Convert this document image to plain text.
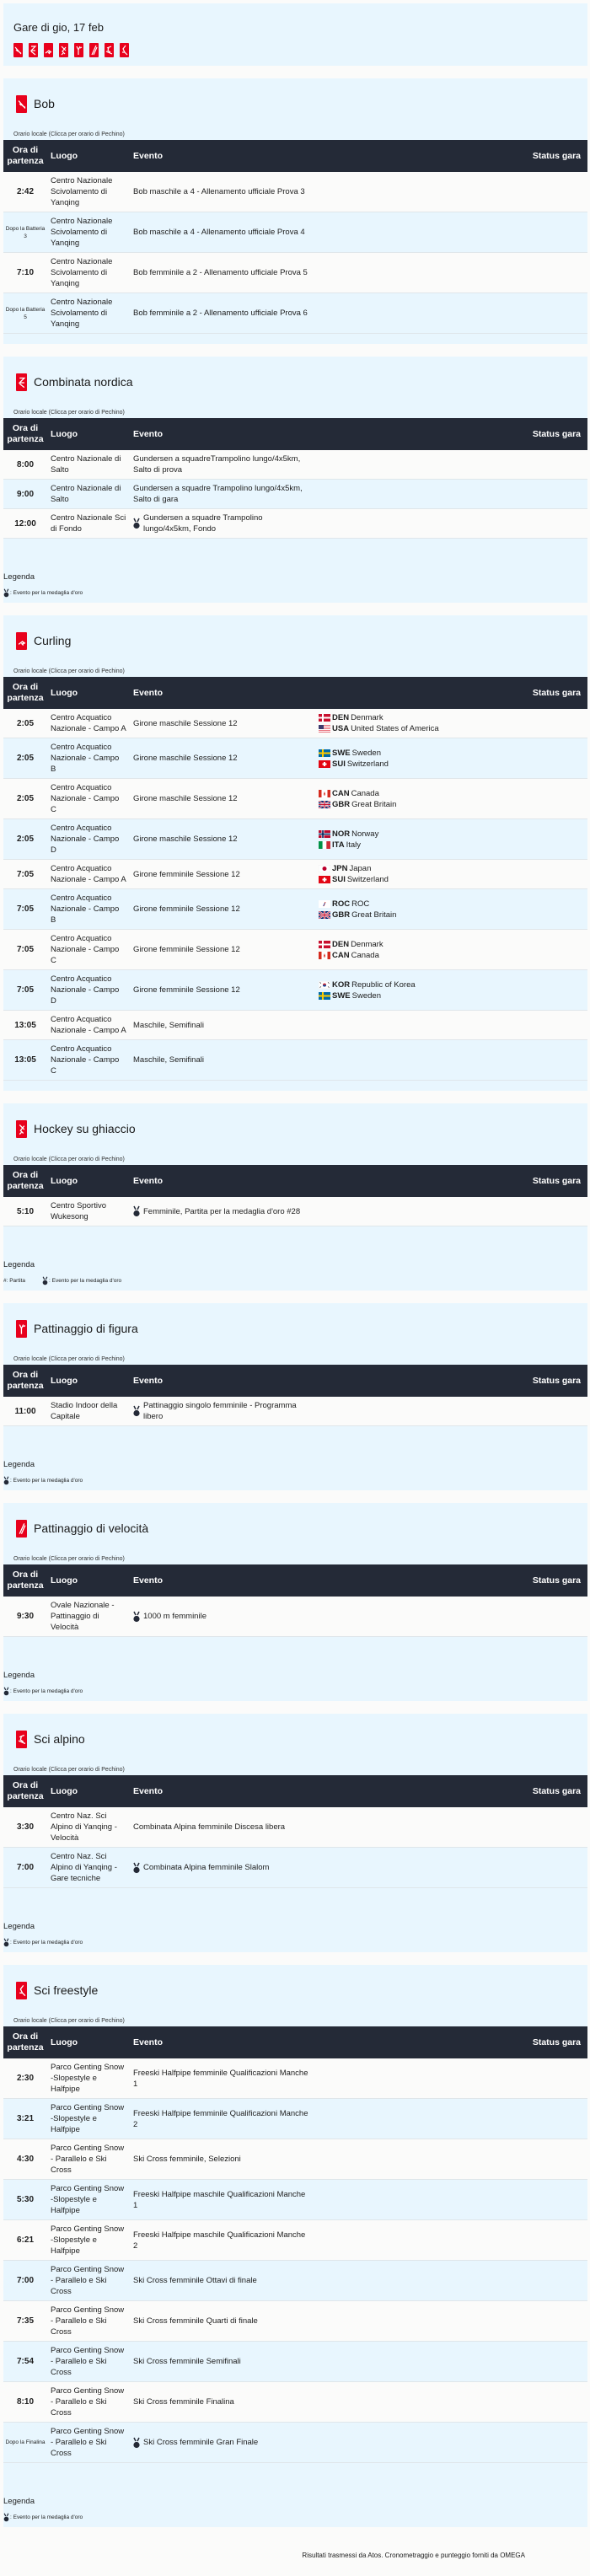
Gare di gio, 17 feb
Bob
Orario locale (Clicca per orario di Pechino)
Ora di partenza	Luogo	Evento	Status gara
2:42	Centro Nazionale Scivolamento di Yanqing	Bob maschile a 4 - Allenamento ufficiale Prova 3	

Dopo la Batteria 3	Centro Nazionale Scivolamento di Yanqing	Bob maschile a 4 - Allenamento ufficiale Prova 4	

7:10	Centro Nazionale Scivolamento di Yanqing	Bob femminile a 2 - Allenamento ufficiale Prova 5	

Dopo la Batteria 5	Centro Nazionale Scivolamento di Yanqing	Bob femminile a 2 - Allenamento ufficiale Prova 6	

Combinata nordica
Orario locale (Clicca per orario di Pechino)
Ora di partenza	Luogo	Evento	Status gara
8:00	Centro Nazionale di Salto	Gundersen a squadreTrampolino lungo/4x5km, Salto di prova	

9:00	Centro Nazionale di Salto	Gundersen a squadre Trampolino lungo/4x5km, Salto di gara	

12:00	Centro Nazionale Sci di Fondo	Gundersen a squadre Trampolino lungo/4x5km, Fondo	

Legenda
: Evento per la medaglia d'oro
Curling
Orario locale (Clicca per orario di Pechino)
Ora di partenza	Luogo	Evento		Status gara
2:05	Centro Acquatico Nazionale - Campo A	Girone maschile Sessione 12	DEN Denmark
USA United States of America	

2:05	Centro Acquatico Nazionale - Campo B	Girone maschile Sessione 12	SWE Sweden
SUI Switzerland	

2:05	Centro Acquatico Nazionale - Campo C	Girone maschile Sessione 12	CAN Canada
GBR Great Britain	

2:05	Centro Acquatico Nazionale - Campo D	Girone maschile Sessione 12	NOR Norway
ITA Italy	

7:05	Centro Acquatico Nazionale - Campo A	Girone femminile Sessione 12	JPN Japan
SUI Switzerland	

7:05	Centro Acquatico Nazionale - Campo B	Girone femminile Sessione 12	ROC ROC
GBR Great Britain	

7:05	Centro Acquatico Nazionale - Campo C	Girone femminile Sessione 12	DEN Denmark
CAN Canada	

7:05	Centro Acquatico Nazionale - Campo D	Girone femminile Sessione 12	KOR Republic of Korea
SWE Sweden	

13:05	Centro Acquatico Nazionale - Campo A	Maschile, Semifinali		

13:05	Centro Acquatico Nazionale - Campo C	Maschile, Semifinali		

Hockey su ghiaccio
Orario locale (Clicca per orario di Pechino)
Ora di partenza	Luogo	Evento	Status gara
5:10	Centro Sportivo Wukesong	Femminile, Partita per la medaglia d'oro #28	

Legenda
#: Partita	: Evento per la medaglia d'oro
Pattinaggio di figura
Orario locale (Clicca per orario di Pechino)
Ora di partenza	Luogo	Evento	Status gara
11:00	Stadio Indoor della Capitale	Pattinaggio singolo femminile - Programma libero	

Legenda
: Evento per la medaglia d'oro
Pattinaggio di velocità
Orario locale (Clicca per orario di Pechino)
Ora di partenza	Luogo	Evento	Status gara
9:30	Ovale Nazionale - Pattinaggio di Velocità	1000 m femminile	

Legenda
: Evento per la medaglia d'oro
Sci alpino
Orario locale (Clicca per orario di Pechino)
Ora di partenza	Luogo	Evento	Status gara
3:30	Centro Naz. Sci Alpino di Yanqing - Velocità	Combinata Alpina femminile Discesa libera	

7:00	Centro Naz. Sci Alpino di Yanqing - Gare tecniche	Combinata Alpina femminile Slalom	

Legenda
: Evento per la medaglia d'oro
Sci freestyle
Orario locale (Clicca per orario di Pechino)
Ora di partenza	Luogo	Evento	Status gara
2:30	Parco Genting Snow -Slopestyle e Halfpipe	Freeski Halfpipe femminile Qualificazioni Manche 1	

3:21	Parco Genting Snow -Slopestyle e Halfpipe	Freeski Halfpipe femminile Qualificazioni Manche 2	

4:30	Parco Genting Snow - Parallelo e Ski Cross	Ski Cross femminile, Selezioni	

5:30	Parco Genting Snow -Slopestyle e Halfpipe	Freeski Halfpipe maschile Qualificazioni Manche 1	

6:21	Parco Genting Snow -Slopestyle e Halfpipe	Freeski Halfpipe maschile Qualificazioni Manche 2	

7:00	Parco Genting Snow - Parallelo e Ski Cross	Ski Cross femminile Ottavi di finale	

7:35	Parco Genting Snow - Parallelo e Ski Cross	Ski Cross femminile Quarti di finale	

7:54	Parco Genting Snow - Parallelo e Ski Cross	Ski Cross femminile Semifinali	

8:10	Parco Genting Snow - Parallelo e Ski Cross	Ski Cross femminile Finalina	

Dopo la Finalina	Parco Genting Snow - Parallelo e Ski Cross	Ski Cross femminile Gran Finale	

Legenda
: Evento per la medaglia d'oro
Risultati trasmessi da Atos. Cronometraggio e punteggio forniti da OMEGA
